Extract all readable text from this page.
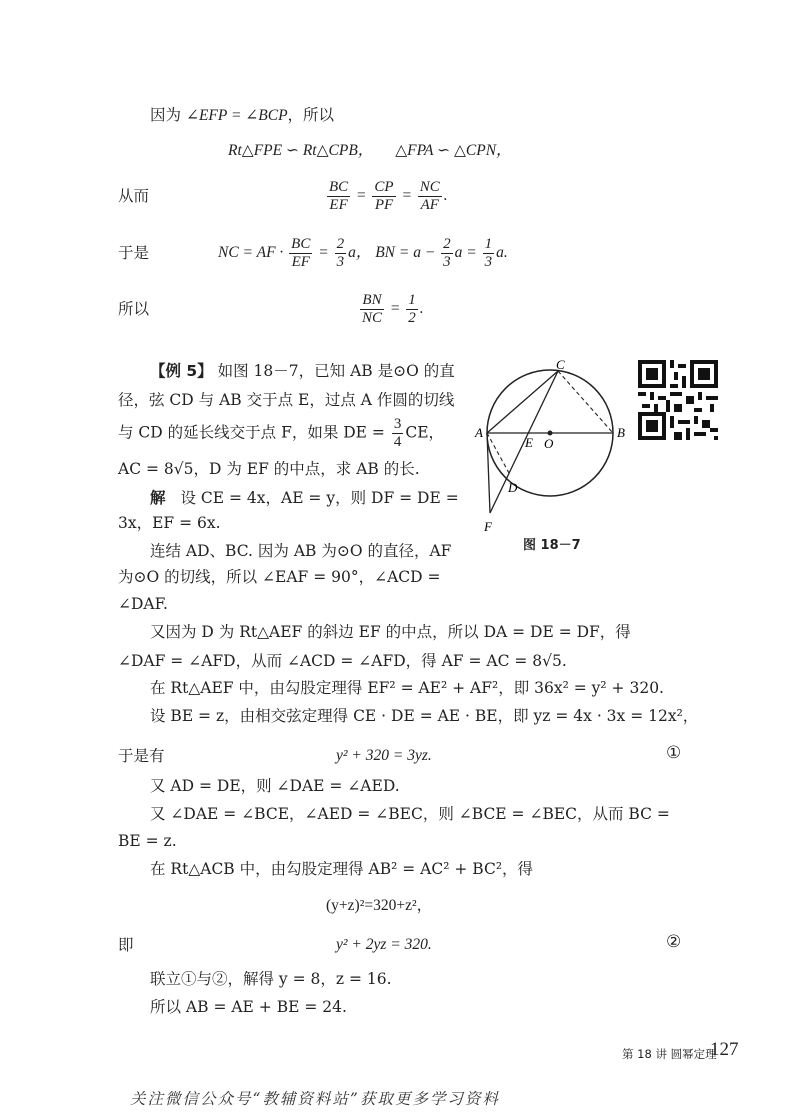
因为 ∠EFP = ∠BCP，所以
Rt△FPE ∽ Rt△CPB， △FPA ∽ △CPN，
从而	$\frac{BC}{EF} = \frac{CP}{PF} = \frac{NC}{AF}$ .
于是	NC = AF · $\frac{BC}{EF} = \frac{2}{3}$ a， BN = $a - \frac{2}{3}$ $a = \frac{1}{3} a$.
所以	$\frac{BN}{NC} = \frac{1}{2}$ .
【例 5】 如图 18－7，已知 AB 是⊙O 的直
径，弦 CD 与 AB 交于点 E，过点 A 作圆的切线
与 CD 的延长线交于点 F，如果 DE = $\frac{3}{4}$ CE，
AC = 8√5，D 为 EF 的中点，求 AB 的长.
解 设 CE = 4x，AE = y，则 DF = DE =
3x，EF = 6x.
连结 AD、BC. 因为 AB 为⊙O 的直径，AF
为⊙O 的切线，所以 ∠EAF = 90°，∠ACD =
∠DAF.
又因为 D 为 Rt△AEF 的斜边 EF 的中点，所以 DA = DE = DF，得
∠DAF = ∠AFD，从而 ∠ACD = ∠AFD，得 AF = AC = 8√5.
在 Rt△AEF 中，由勾股定理得 EF² = AE² + AF²，即 36x² = y² + 320.
设 BE = z，由相交弦定理得 CE · DE = AE · BE，即 yz = 4x · 3x = 12x²，
于是有	y² + 320 = 3yz.	①
又 AD = DE，则 ∠DAE = ∠AED.
又 ∠DAE = ∠BCE，∠AED = ∠BEC，则 ∠BCE = ∠BEC，从而 BC =
BE = z.
在 Rt△ACB 中，由勾股定理得 AB² = AC² + BC²，得
(y+z)²=320+z²，
即	y² + 2yz = 320.	②
联立①与②，解得 y = 8，z = 16.
所以 AB = AE + BE = 24.
C
A	B
E O
D
F
图 18－7
第 18 讲 圆幂定理
127
关注微信公众号“教辅资料站”获取更多学习资料
